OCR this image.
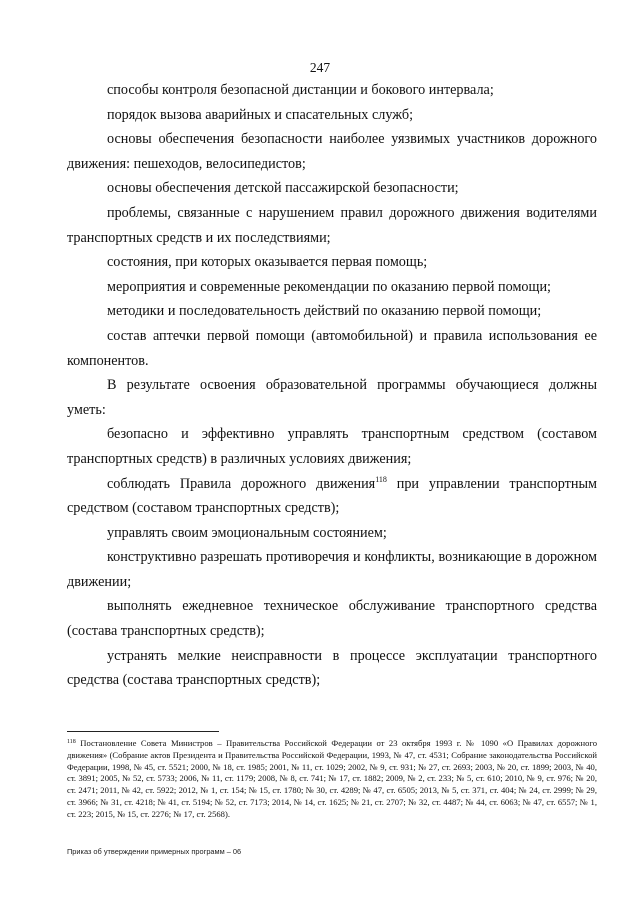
247

способы контроля безопасной дистанции и бокового интервала;

порядок вызова аварийных и спасательных служб;

основы обеспечения безопасности наиболее уязвимых участников дорожного движения: пешеходов, велосипедистов;

основы обеспечения детской пассажирской безопасности;

проблемы, связанные с нарушением правил дорожного движения водителями транспортных средств и их последствиями;

состояния, при которых оказывается первая помощь;

мероприятия и современные рекомендации по оказанию первой помощи;

методики и последовательность действий по оказанию первой помощи;

состав аптечки первой помощи (автомобильной) и правила использования ее компонентов.

В результате освоения образовательной программы обучающиеся должны уметь:

безопасно и эффективно управлять транспортным средством (составом транспортных средств) в различных условиях движения;

соблюдать Правила дорожного движения$^{118}$ при управлении транспортным средством (составом транспортных средств);

управлять своим эмоциональным состоянием;

конструктивно разрешать противоречия и конфликты, возникающие в дорожном движении;

выполнять ежедневное техническое обслуживание транспортного средства (состава транспортных средств);

устранять мелкие неисправности в процессе эксплуатации транспортного средства (состава транспортных средств);

$^{118}$ Постановление Совета Министров – Правительства Российской Федерации от 23 октября 1993 г. № 1090 «О Правилах дорожного движения» (Собрание актов Президента и Правительства Российской Федерации, 1993, № 47, ст. 4531; Собрание законодательства Российской Федерации, 1998, № 45, ст. 5521; 2000, № 18, ст. 1985; 2001, № 11, ст. 1029; 2002, № 9, ст. 931; № 27, ст. 2693; 2003, № 20, ст. 1899; 2003, № 40, ст. 3891; 2005, № 52, ст. 5733; 2006, № 11, ст. 1179; 2008, № 8, ст. 741; № 17, ст. 1882; 2009, № 2, ст. 233; № 5, ст. 610; 2010, № 9, ст. 976; № 20, ст. 2471; 2011, № 42, ст. 5922; 2012, № 1, ст. 154; № 15, ст. 1780; № 30, ст. 4289; № 47, ст. 6505; 2013, № 5, ст. 371, ст. 404; № 24, ст. 2999; № 29, ст. 3966; № 31, ст. 4218; № 41, ст. 5194; № 52, ст. 7173; 2014, № 14, ст. 1625; № 21, ст. 2707; № 32, ст. 4487; № 44, ст. 6063; № 47, ст. 6557; № 1, ст. 223; 2015, № 15, ст. 2276; № 17, ст. 2568).
Приказ об утверждении примерных программ – 06
